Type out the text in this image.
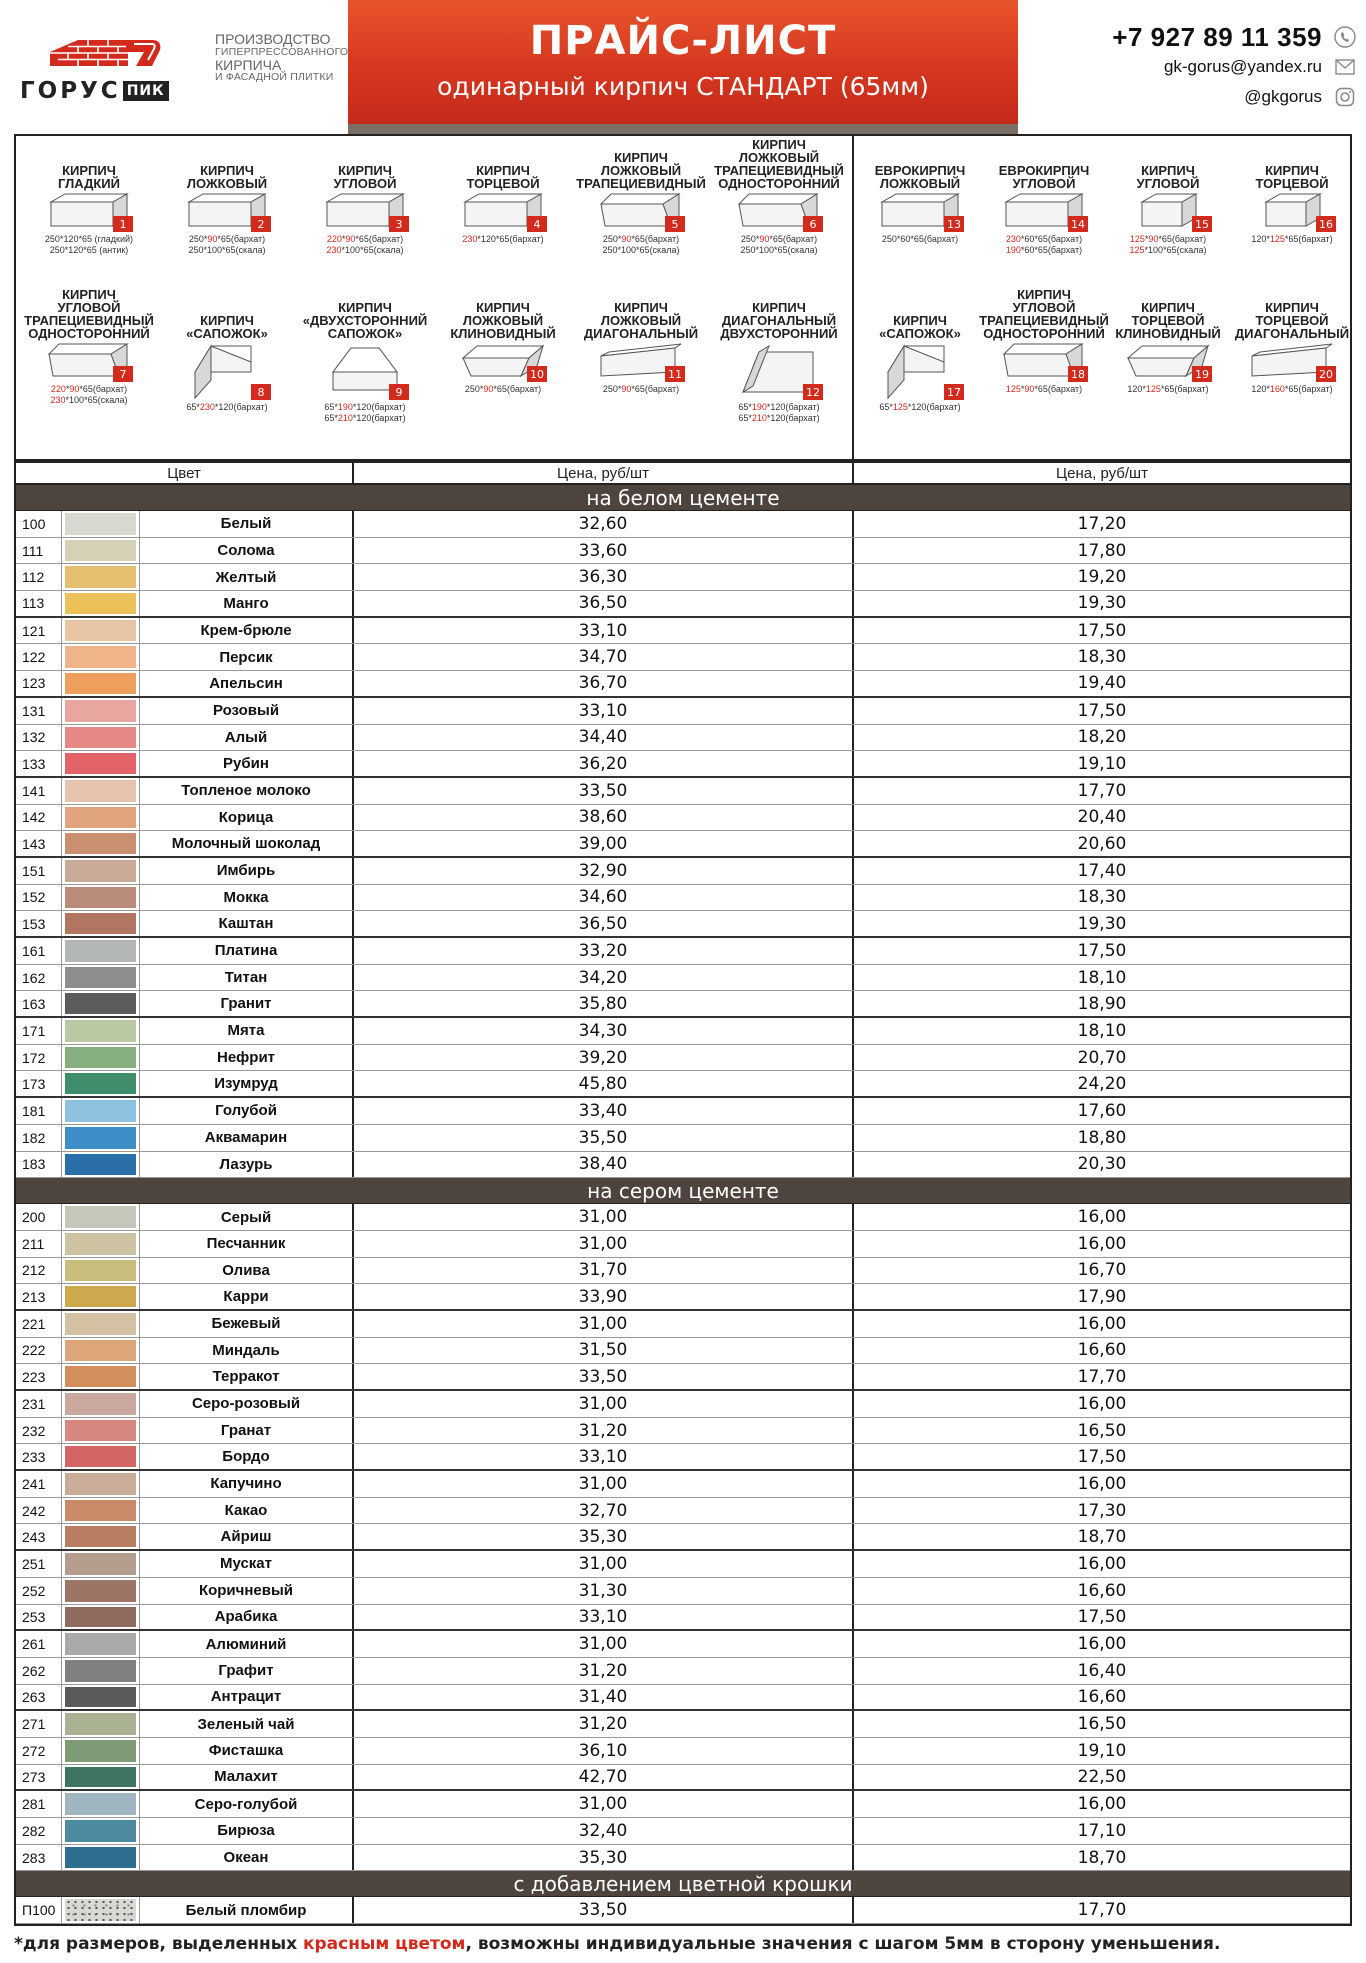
ГОРУС ПИК
ПРОИЗВОДСТВО
ГИПЕРПРЕССОВАННОГО
КИРПИЧА
И ФАСАДНОЙ ПЛИТКИ
ПРАЙС-ЛИСТ
одинарный кирпич СТАНДАРТ (65мм)
+7 927 89 11 359
gk-gorus@yandex.ru
@gkgorus
КИРПИЧ
ГЛАДКИЙ
1
250*120*65 (гладкий)
250*120*65 (антик)
КИРПИЧ
ЛОЖКОВЫЙ
2
250*90*65(бархат)
250*100*65(скала)
КИРПИЧ
УГЛОВОЙ
3
220*90*65(бархат)
230*100*65(скала)
КИРПИЧ
ТОРЦЕВОЙ
4
230*120*65(бархат)
КИРПИЧ
ЛОЖКОВЫЙ
ТРАПЕЦИЕВИДНЫЙ
5
250*90*65(бархат)
250*100*65(скала)
КИРПИЧ
ЛОЖКОВЫЙ
ТРАПЕЦИЕВИДНЫЙ
ОДНОСТОРОННИЙ
6
250*90*65(бархат)
250*100*65(скала)
КИРПИЧ
УГЛОВОЙ
ТРАПЕЦИЕВИДНЫЙ
ОДНОСТОРОННИЙ
7
220*90*65(бархат)
230*100*65(скала)
КИРПИЧ
«САПОЖОК»
8
65*230*120(бархат)
КИРПИЧ
«ДВУХСТОРОННИЙ
САПОЖОК»
9
65*190*120(бархат)
65*210*120(бархат)
КИРПИЧ
ЛОЖКОВЫЙ
КЛИНОВИДНЫЙ
10
250*90*65(бархат)
КИРПИЧ
ЛОЖКОВЫЙ
ДИАГОНАЛЬНЫЙ
11
250*90*65(бархат)
КИРПИЧ
ДИАГОНАЛЬНЫЙ
ДВУХСТОРОННИЙ
12
65*190*120(бархат)
65*210*120(бархат)
ЕВРОКИРПИЧ
ЛОЖКОВЫЙ
13
250*60*65(бархат)
ЕВРОКИРПИЧ
УГЛОВОЙ
14
230*60*65(бархат)
190*60*65(бархат)
КИРПИЧ
УГЛОВОЙ
15
125*90*65(бархат)
125*100*65(скала)
КИРПИЧ
ТОРЦЕВОЙ
16
120*125*65(бархат)
КИРПИЧ
«САПОЖОК»
17
65*125*120(бархат)
КИРПИЧ
УГЛОВОЙ
ТРАПЕЦИЕВИДНЫЙ
ОДНОСТОРОННИЙ
18
125*90*65(бархат)
КИРПИЧ
ТОРЦЕВОЙ
КЛИНОВИДНЫЙ
19
120*125*65(бархат)
КИРПИЧ
ТОРЦЕВОЙ
ДИАГОНАЛЬНЫЙ
20
120*160*65(бархат)
Цвет	Цена, руб/шт	Цена, руб/шт
на белом цементе
100	Белый	32,60	17,20
111	Солома	33,60	17,80
112	Желтый	36,30	19,20
113	Манго	36,50	19,30
121	Крем-брюле	33,10	17,50
122	Персик	34,70	18,30
123	Апельсин	36,70	19,40
131	Розовый	33,10	17,50
132	Алый	34,40	18,20
133	Рубин	36,20	19,10
141	Топленое молоко	33,50	17,70
142	Корица	38,60	20,40
143	Молочный шоколад	39,00	20,60
151	Имбирь	32,90	17,40
152	Мокка	34,60	18,30
153	Каштан	36,50	19,30
161	Платина	33,20	17,50
162	Титан	34,20	18,10
163	Гранит	35,80	18,90
171	Мята	34,30	18,10
172	Нефрит	39,20	20,70
173	Изумруд	45,80	24,20
181	Голубой	33,40	17,60
182	Аквамарин	35,50	18,80
183	Лазурь	38,40	20,30
на сером цементе
200	Серый	31,00	16,00
211	Песчанник	31,00	16,00
212	Олива	31,70	16,70
213	Карри	33,90	17,90
221	Бежевый	31,00	16,00
222	Миндаль	31,50	16,60
223	Терракот	33,50	17,70
231	Серо-розовый	31,00	16,00
232	Гранат	31,20	16,50
233	Бордо	33,10	17,50
241	Капучино	31,00	16,00
242	Какао	32,70	17,30
243	Айриш	35,30	18,70
251	Мускат	31,00	16,00
252	Коричневый	31,30	16,60
253	Арабика	33,10	17,50
261	Алюминий	31,00	16,00
262	Графит	31,20	16,40
263	Антрацит	31,40	16,60
271	Зеленый чай	31,20	16,50
272	Фисташка	36,10	19,10
273	Малахит	42,70	22,50
281	Серо-голубой	31,00	16,00
282	Бирюза	32,40	17,10
283	Океан	35,30	18,70
с добавлением цветной крошки
П100	Белый пломбир	33,50	17,70
*для размеров, выделенных красным цветом, возможны индивидуальные значения с шагом 5мм в сторону уменьшения.
